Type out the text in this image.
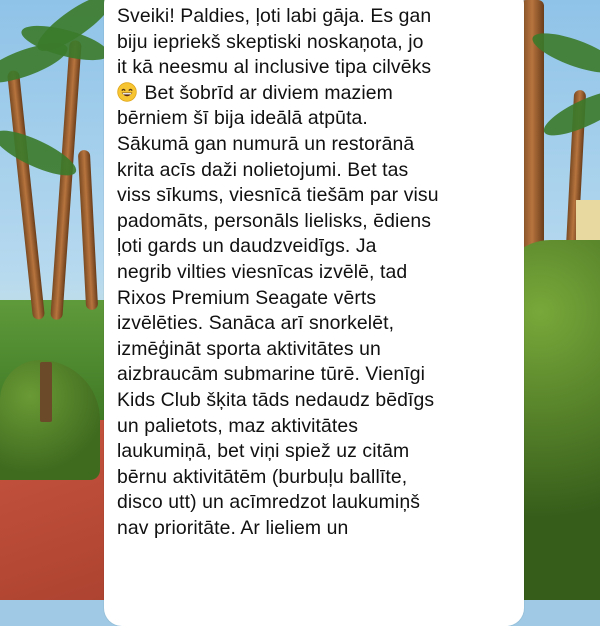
Sveiki! Paldies, ļoti labi gāja. Es gan
biju iepriekš skeptiski noskaņota, jo
it kā neesmu al inclusive tipa cilvēks
Bet šobrīd ar diviem maziem
bērniem šī bija ideālā atpūta.
Sākumā gan numurā un restorānā
krita acīs daži nolietojumi. Bet tas
viss sīkums, viesnīcā tiešām par visu
padomāts, personāls lielisks, ēdiens
ļoti gards un daudzveidīgs. Ja
negrib vilties viesnīcas izvēlē, tad
Rixos Premium Seagate vērts
izvēlēties. Sanāca arī snorkelēt,
izmēģināt sporta aktivitātes un
aizbraucām submarine tūrē. Vienīgi
Kids Club šķita tāds nedaudz bēdīgs
un palietots, maz aktivitātes
laukumiņā, bet viņi spiež uz citām
bērnu aktivitātēm (burbuļu ballīte,
disco utt) un acīmredzot laukumiņš
nav prioritāte. Ar lieliem un
